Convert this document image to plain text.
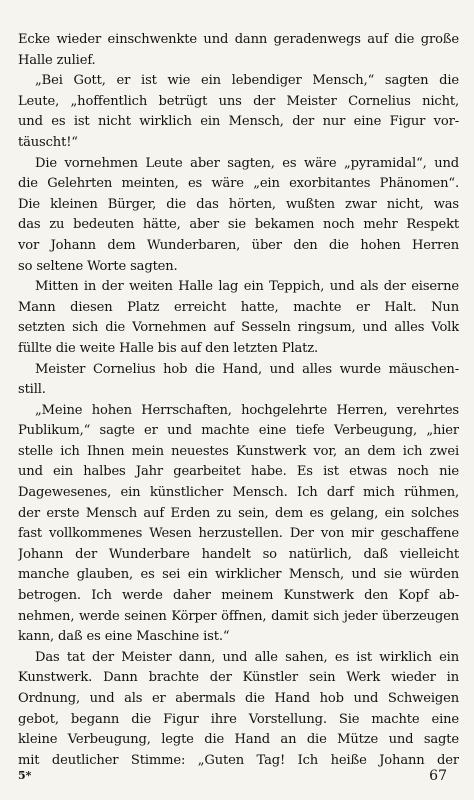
Ecke wieder einschwenkte und dann geradenwegs auf die große
Halle zulief.
„Bei Gott, er ist wie ein lebendiger Mensch,“ sagten die
Leute, „hoffentlich betrügt uns der Meister Cornelius nicht,
und es ist nicht wirklich ein Mensch, der nur eine Figur vor-
täuscht!“
Die vornehmen Leute aber sagten, es wäre „pyramidal“, und
die Gelehrten meinten, es wäre „ein exorbitantes Phänomen“.
Die kleinen Bürger, die das hörten, wußten zwar nicht, was
das zu bedeuten hätte, aber sie bekamen noch mehr Respekt
vor Johann dem Wunderbaren, über den die hohen Herren
so seltene Worte sagten.
Mitten in der weiten Halle lag ein Teppich, und als der eiserne
Mann diesen Platz erreicht hatte, machte er Halt. Nun
setzten sich die Vornehmen auf Sesseln ringsum, und alles Volk
füllte die weite Halle bis auf den letzten Platz.
Meister Cornelius hob die Hand, und alles wurde mäuschen-
still.
„Meine hohen Herrschaften, hochgelehrte Herren, verehrtes
Publikum,“ sagte er und machte eine tiefe Verbeugung, „hier
stelle ich Ihnen mein neuestes Kunstwerk vor, an dem ich zwei
und ein halbes Jahr gearbeitet habe. Es ist etwas noch nie
Dagewesenes, ein künstlicher Mensch. Ich darf mich rühmen,
der erste Mensch auf Erden zu sein, dem es gelang, ein solches
fast vollkommenes Wesen herzustellen. Der von mir geschaffene
Johann der Wunderbare handelt so natürlich, daß vielleicht
manche glauben, es sei ein wirklicher Mensch, und sie würden
betrogen. Ich werde daher meinem Kunstwerk den Kopf ab-
nehmen, werde seinen Körper öffnen, damit sich jeder überzeugen
kann, daß es eine Maschine ist.“
Das tat der Meister dann, und alle sahen, es ist wirklich ein
Kunstwerk. Dann brachte der Künstler sein Werk wieder in
Ordnung, und als er abermals die Hand hob und Schweigen
gebot, begann die Figur ihre Vorstellung. Sie machte eine
kleine Verbeugung, legte die Hand an die Mütze und sagte
mit deutlicher Stimme: „Guten Tag! Ich heiße Johann der
5*	67
